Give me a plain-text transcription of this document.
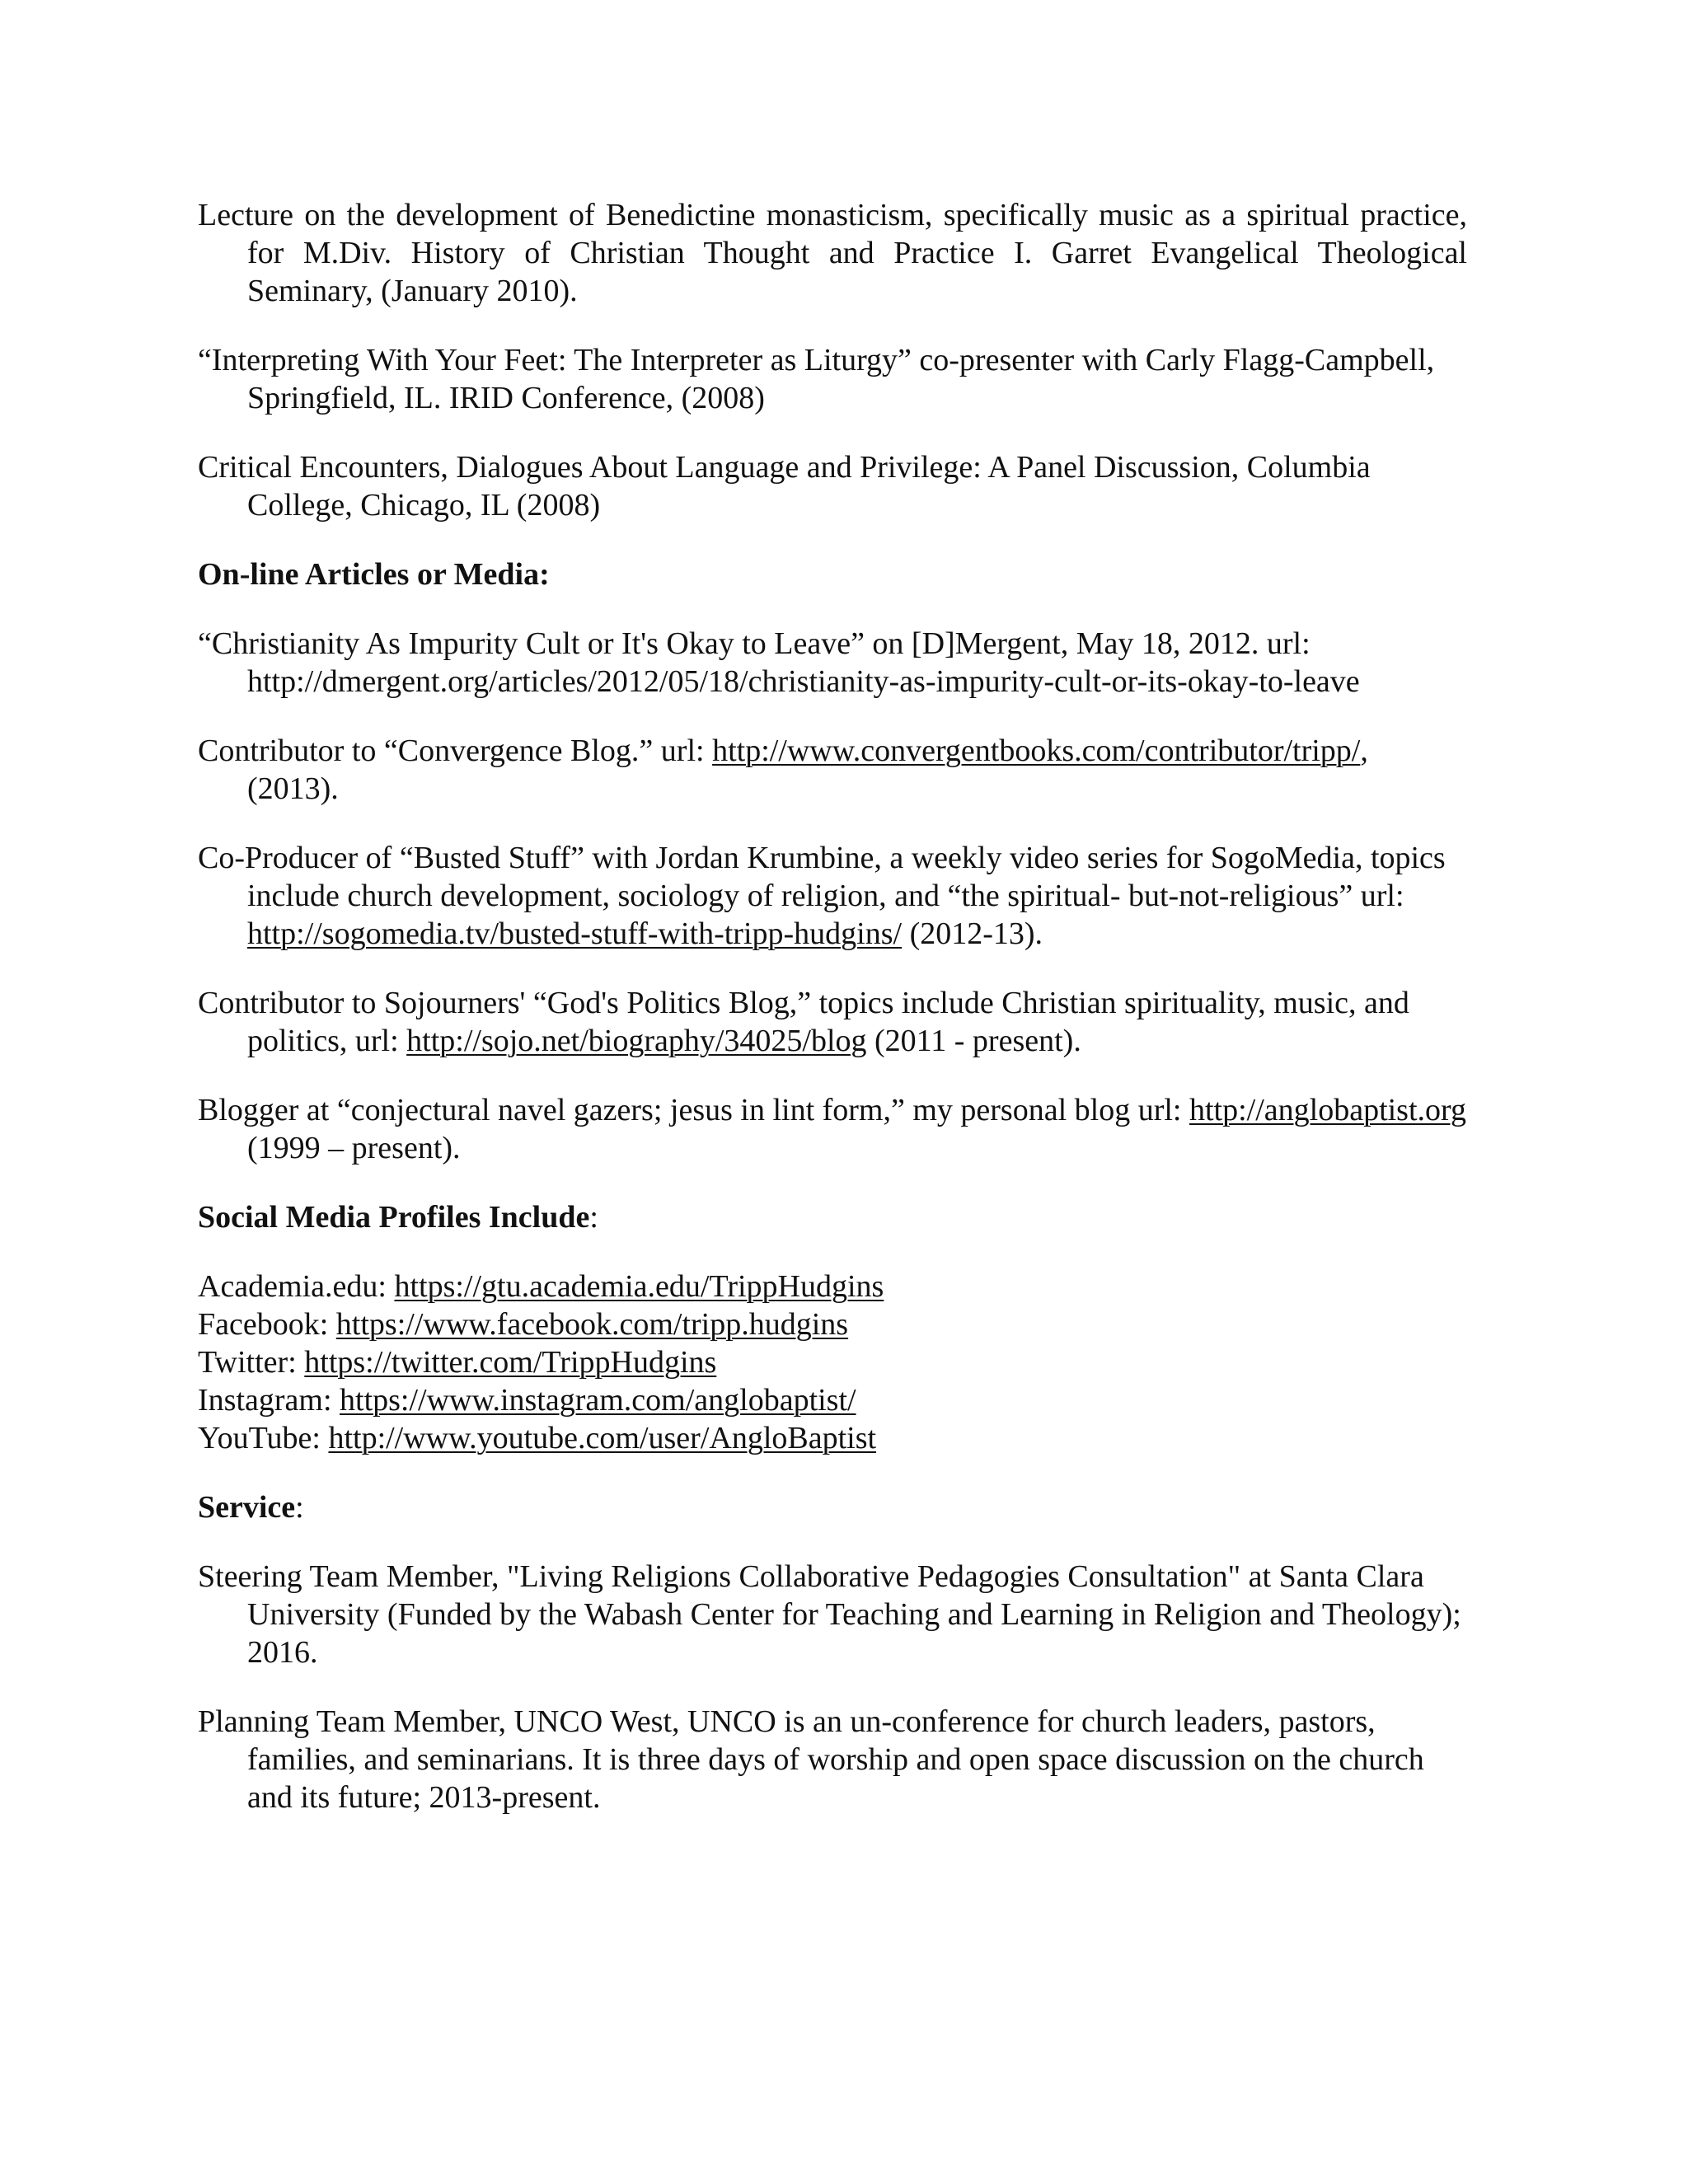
Lecture on the development of Benedictine monasticism, specifically music as a spiritual practice, for M.Div. History of Christian Thought and Practice I. Garret Evangelical Theological Seminary, (January 2010).

“Interpreting With Your Feet: The Interpreter as Liturgy” co-presenter with Carly Flagg-Campbell, Springfield, IL. IRID Conference, (2008)

Critical Encounters, Dialogues About Language and Privilege: A Panel Discussion, Columbia College, Chicago, IL (2008)

On-line Articles or Media:

“Christianity As Impurity Cult or It's Okay to Leave” on [D]Mergent, May 18, 2012. url: http://dmergent.org/articles/2012/05/18/christianity-as-impurity-cult-or-its-okay-to-leave

Contributor to “Convergence Blog.” url: http://www.convergentbooks.com/contributor/tripp/, (2013).

Co-Producer of “Busted Stuff” with Jordan Krumbine, a weekly video series for SogoMedia, topics include church development, sociology of religion, and “the spiritual- but-not-religious” url: http://sogomedia.tv/busted-stuff-with-tripp-hudgins/ (2012-13).

Contributor to Sojourners' “God's Politics Blog,” topics include Christian spirituality, music, and politics, url: http://sojo.net/biography/34025/blog (2011 - present).

Blogger at “conjectural navel gazers; jesus in lint form,” my personal blog url: http://anglobaptist.org (1999 – present).

Social Media Profiles Include:

Academia.edu: https://gtu.academia.edu/TrippHudgins
Facebook: https://www.facebook.com/tripp.hudgins
Twitter: https://twitter.com/TrippHudgins
Instagram: https://www.instagram.com/anglobaptist/
YouTube: http://www.youtube.com/user/AngloBaptist

Service:

Steering Team Member, "Living Religions Collaborative Pedagogies Consultation" at Santa Clara University (Funded by the Wabash Center for Teaching and Learning in Religion and Theology); 2016.

Planning Team Member, UNCO West, UNCO is an un-conference for church leaders, pastors, families, and seminarians. It is three days of worship and open space discussion on the church and its future; 2013-present.
